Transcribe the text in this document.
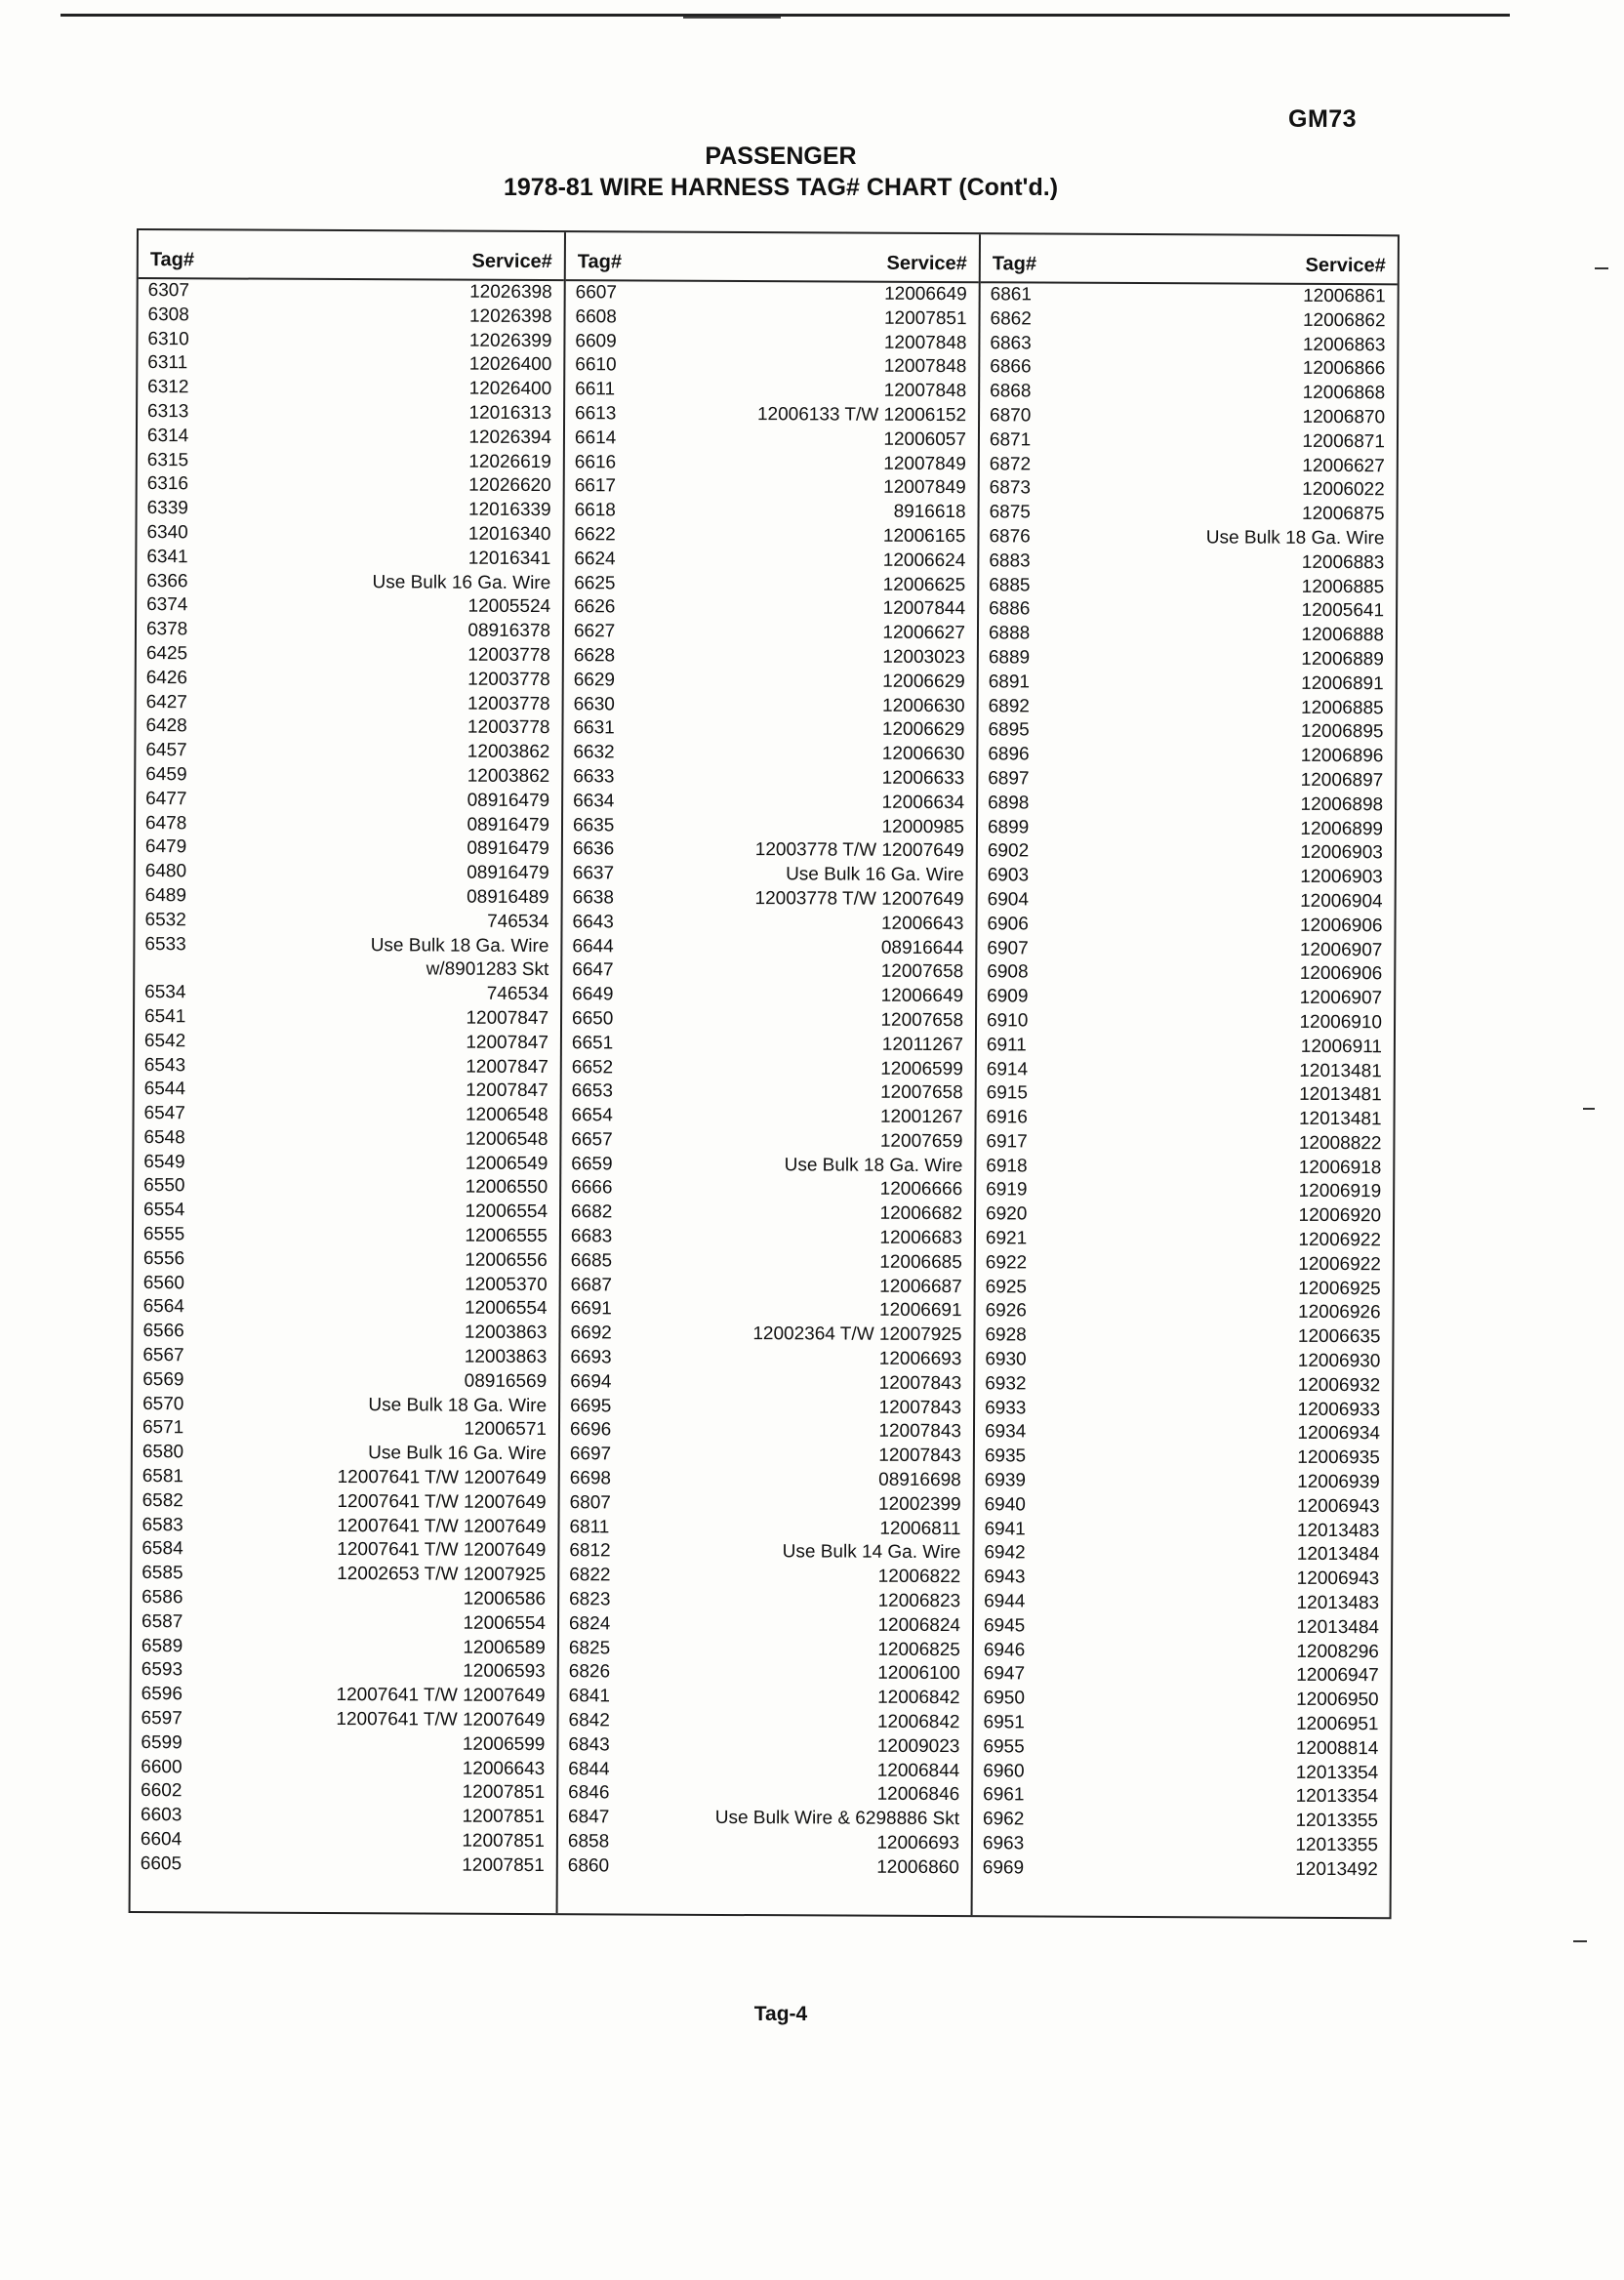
GM73
PASSENGER
1978-81 WIRE HARNESS TAG# CHART (Cont'd.)
Tag#	Service#
6307	12026398
6308	12026398
6310	12026399
6311	12026400
6312	12026400
6313	12016313
6314	12026394
6315	12026619
6316	12026620
6339	12016339
6340	12016340
6341	12016341
6366	Use Bulk 16 Ga. Wire
6374	12005524
6378	08916378
6425	12003778
6426	12003778
6427	12003778
6428	12003778
6457	12003862
6459	12003862
6477	08916479
6478	08916479
6479	08916479
6480	08916479
6489	08916489
6532	746534
6533	Use Bulk 18 Ga. Wire
w/8901283 Skt
6534	746534
6541	12007847
6542	12007847
6543	12007847
6544	12007847
6547	12006548
6548	12006548
6549	12006549
6550	12006550
6554	12006554
6555	12006555
6556	12006556
6560	12005370
6564	12006554
6566	12003863
6567	12003863
6569	08916569
6570	Use Bulk 18 Ga. Wire
6571	12006571
6580	Use Bulk 16 Ga. Wire
6581	12007641 T/W 12007649
6582	12007641 T/W 12007649
6583	12007641 T/W 12007649
6584	12007641 T/W 12007649
6585	12002653 T/W 12007925
6586	12006586
6587	12006554
6589	12006589
6593	12006593
6596	12007641 T/W 12007649
6597	12007641 T/W 12007649
6599	12006599
6600	12006643
6602	12007851
6603	12007851
6604	12007851
6605	12007851
Tag#	Service#
6607	12006649
6608	12007851
6609	12007848
6610	12007848
6611	12007848
6613	12006133 T/W 12006152
6614	12006057
6616	12007849
6617	12007849
6618	8916618
6622	12006165
6624	12006624
6625	12006625
6626	12007844
6627	12006627
6628	12003023
6629	12006629
6630	12006630
6631	12006629
6632	12006630
6633	12006633
6634	12006634
6635	12000985
6636	12003778 T/W 12007649
6637	Use Bulk 16 Ga. Wire
6638	12003778 T/W 12007649
6643	12006643
6644	08916644
6647	12007658
6649	12006649
6650	12007658
6651	12011267
6652	12006599
6653	12007658
6654	12001267
6657	12007659
6659	Use Bulk 18 Ga. Wire
6666	12006666
6682	12006682
6683	12006683
6685	12006685
6687	12006687
6691	12006691
6692	12002364 T/W 12007925
6693	12006693
6694	12007843
6695	12007843
6696	12007843
6697	12007843
6698	08916698
6807	12002399
6811	12006811
6812	Use Bulk 14 Ga. Wire
6822	12006822
6823	12006823
6824	12006824
6825	12006825
6826	12006100
6841	12006842
6842	12006842
6843	12009023
6844	12006844
6846	12006846
6847	Use Bulk Wire & 6298886 Skt
6858	12006693
6860	12006860
Tag#	Service#
6861	12006861
6862	12006862
6863	12006863
6866	12006866
6868	12006868
6870	12006870
6871	12006871
6872	12006627
6873	12006022
6875	12006875
6876	Use Bulk 18 Ga. Wire
6883	12006883
6885	12006885
6886	12005641
6888	12006888
6889	12006889
6891	12006891
6892	12006885
6895	12006895
6896	12006896
6897	12006897
6898	12006898
6899	12006899
6902	12006903
6903	12006903
6904	12006904
6906	12006906
6907	12006907
6908	12006906
6909	12006907
6910	12006910
6911	12006911
6914	12013481
6915	12013481
6916	12013481
6917	12008822
6918	12006918
6919	12006919
6920	12006920
6921	12006922
6922	12006922
6925	12006925
6926	12006926
6928	12006635
6930	12006930
6932	12006932
6933	12006933
6934	12006934
6935	12006935
6939	12006939
6940	12006943
6941	12013483
6942	12013484
6943	12006943
6944	12013483
6945	12013484
6946	12008296
6947	12006947
6950	12006950
6951	12006951
6955	12008814
6960	12013354
6961	12013354
6962	12013355
6963	12013355
6969	12013492
Tag-4
